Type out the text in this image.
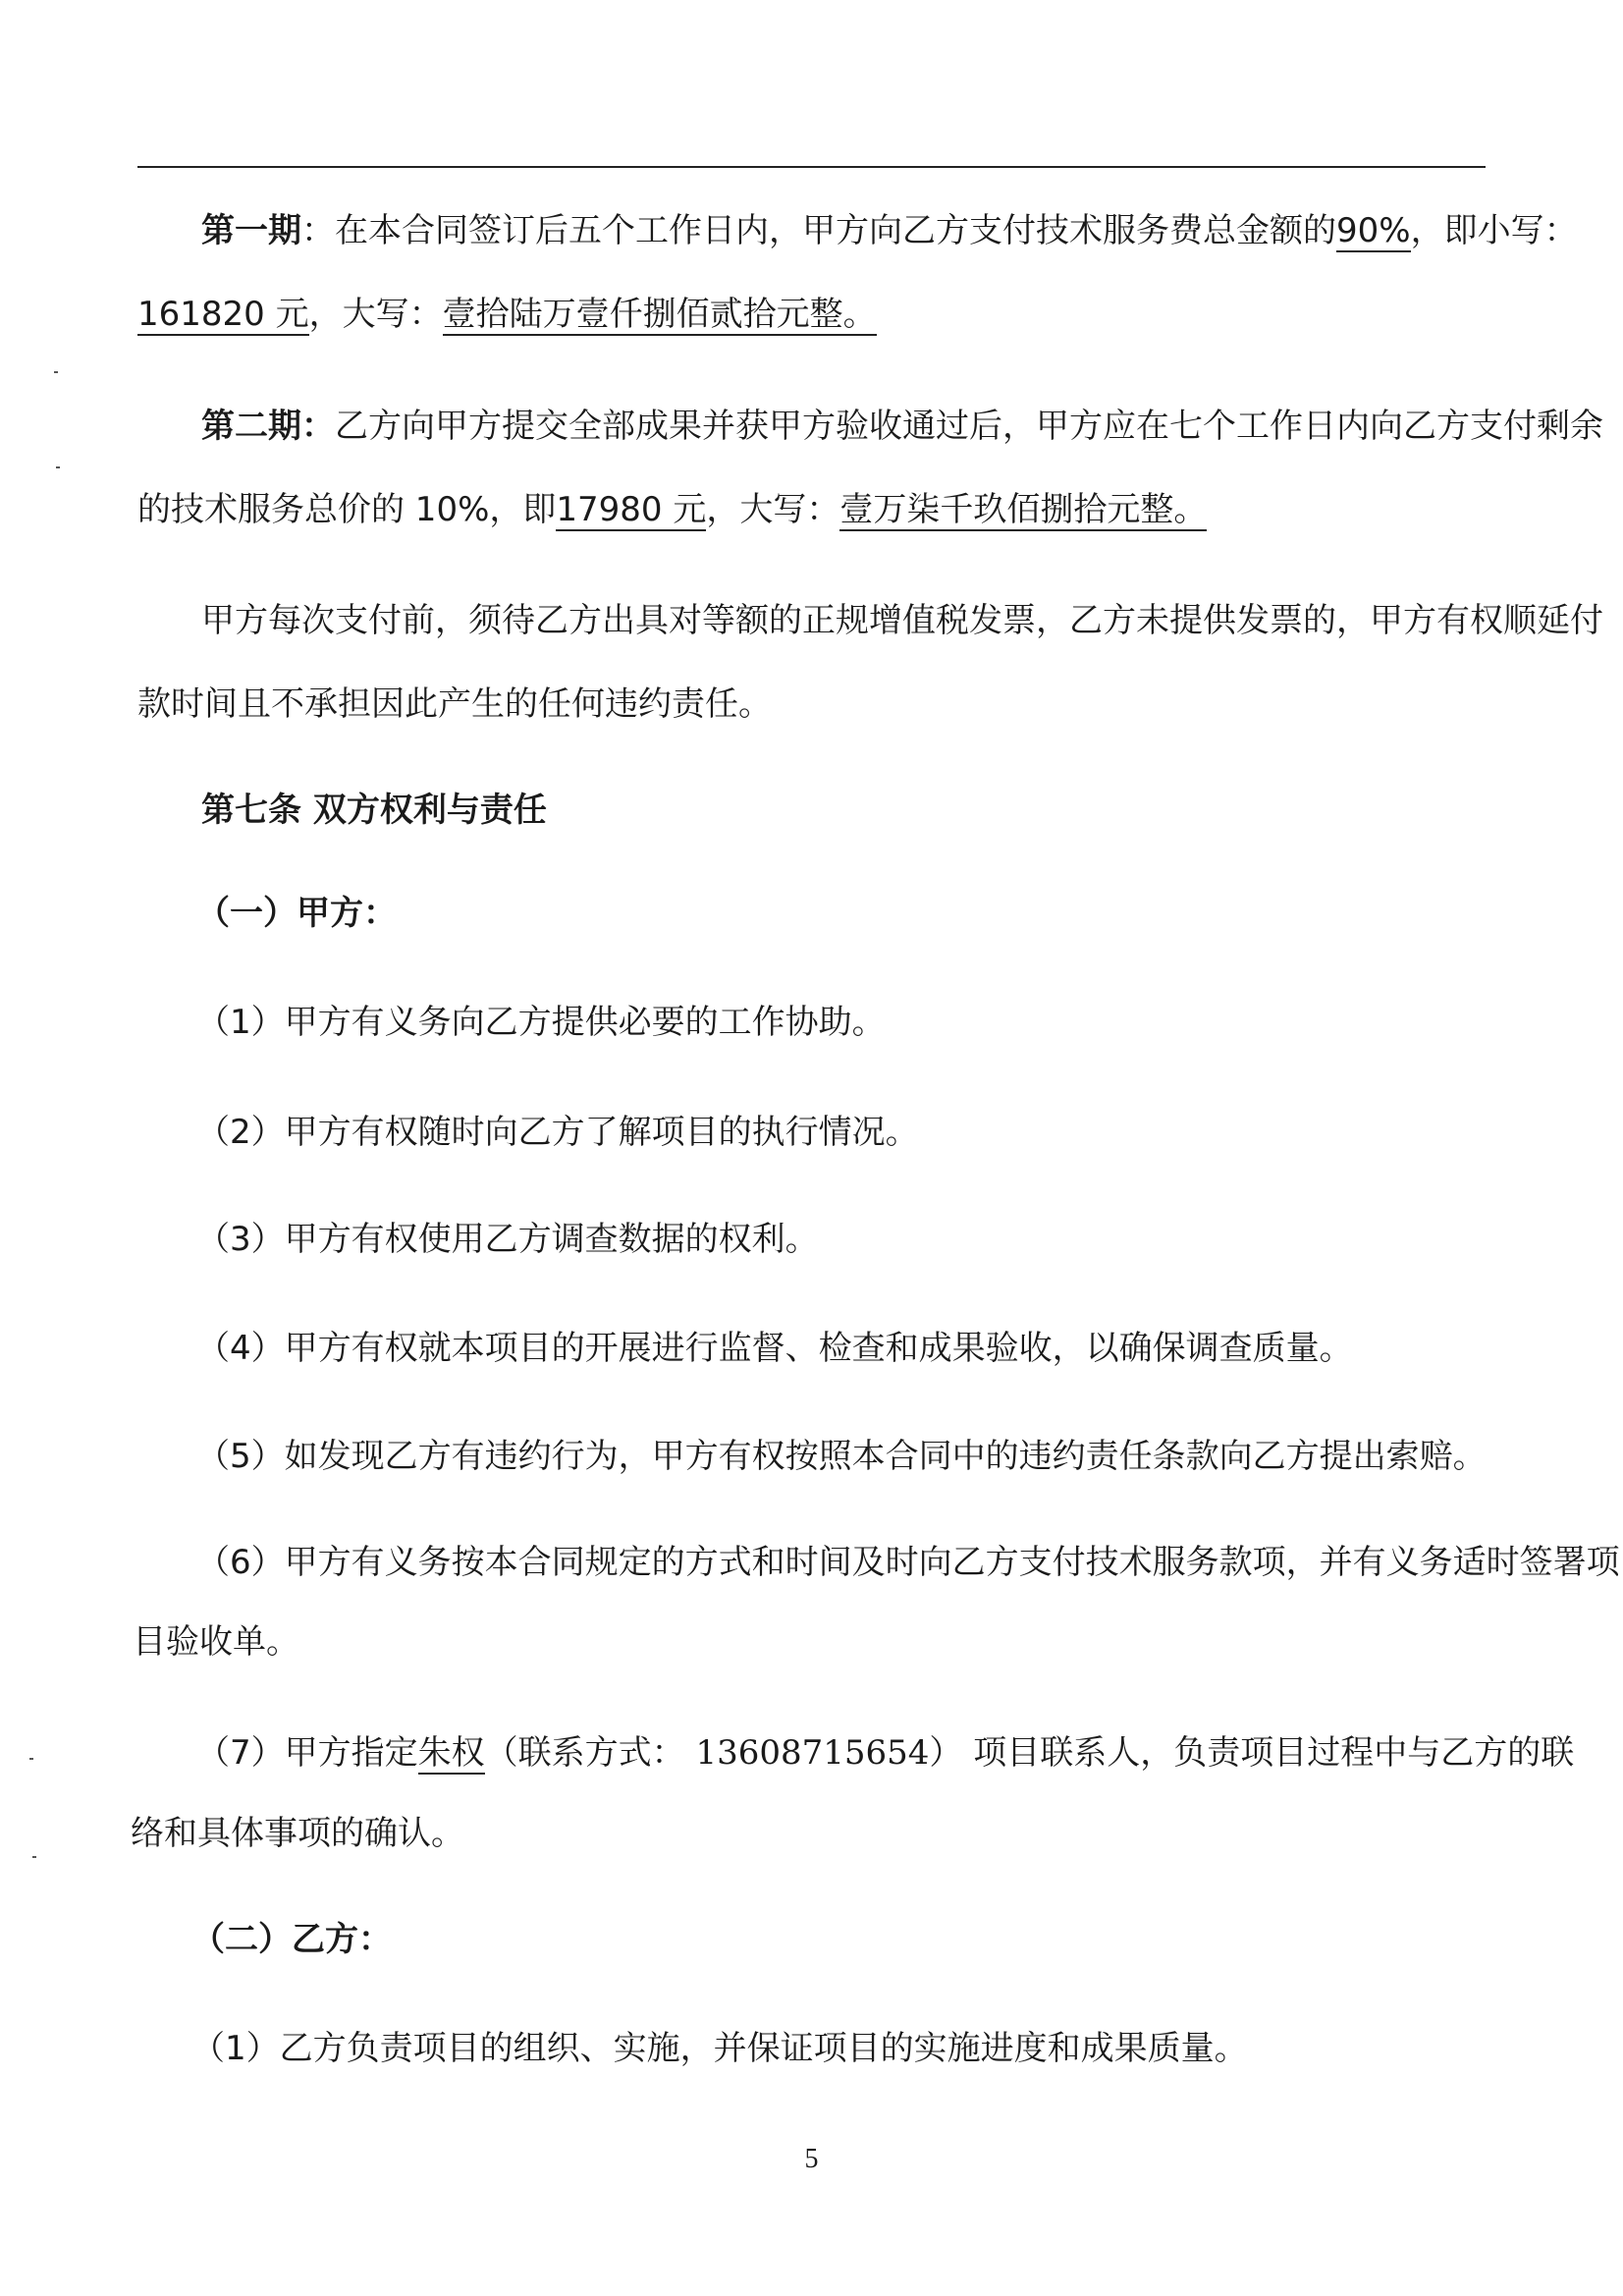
第一期：在本合同签订后五个工作日内，甲方向乙方支付技术服务费总金额的90%，即小写：
161820 元，大写：壹拾陆万壹仟捌佰贰拾元整。
第二期：乙方向甲方提交全部成果并获甲方验收通过后，甲方应在七个工作日内向乙方支付剩余
的技术服务总价的 10%，即17980 元，大写：壹万柒千玖佰捌拾元整。
甲方每次支付前，须待乙方出具对等额的正规增值税发票，乙方未提供发票的，甲方有权顺延付
款时间且不承担因此产生的任何违约责任。
第七条 双方权利与责任
（一）甲方：
（1）甲方有义务向乙方提供必要的工作协助。
（2）甲方有权随时向乙方了解项目的执行情况。
（3）甲方有权使用乙方调查数据的权利。
（4）甲方有权就本项目的开展进行监督、检查和成果验收，以确保调查质量。
（5）如发现乙方有违约行为，甲方有权按照本合同中的违约责任条款向乙方提出索赔。
（6）甲方有义务按本合同规定的方式和时间及时向乙方支付技术服务款项，并有义务适时签署项
目验收单。
（7）甲方指定朱权（联系方式： 13608715654） 项目联系人，负责项目过程中与乙方的联
络和具体事项的确认。
（二）乙方：
（1）乙方负责项目的组织、实施，并保证项目的实施进度和成果质量。
5
